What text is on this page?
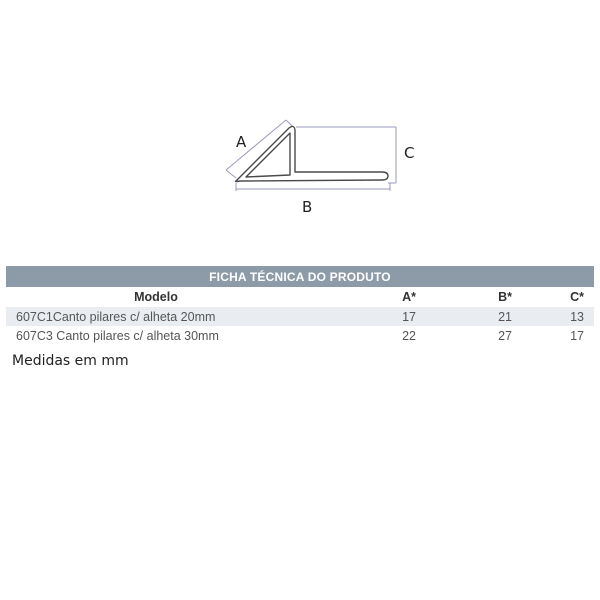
A
B
C
FICHA TÉCNICA DO PRODUTO			
Modelo	A*	B*	C*
607C1Canto pilares c/ alheta 20mm	17	21	13
607C3 Canto pilares c/ alheta 30mm	22	27	17
Medidas em mm
